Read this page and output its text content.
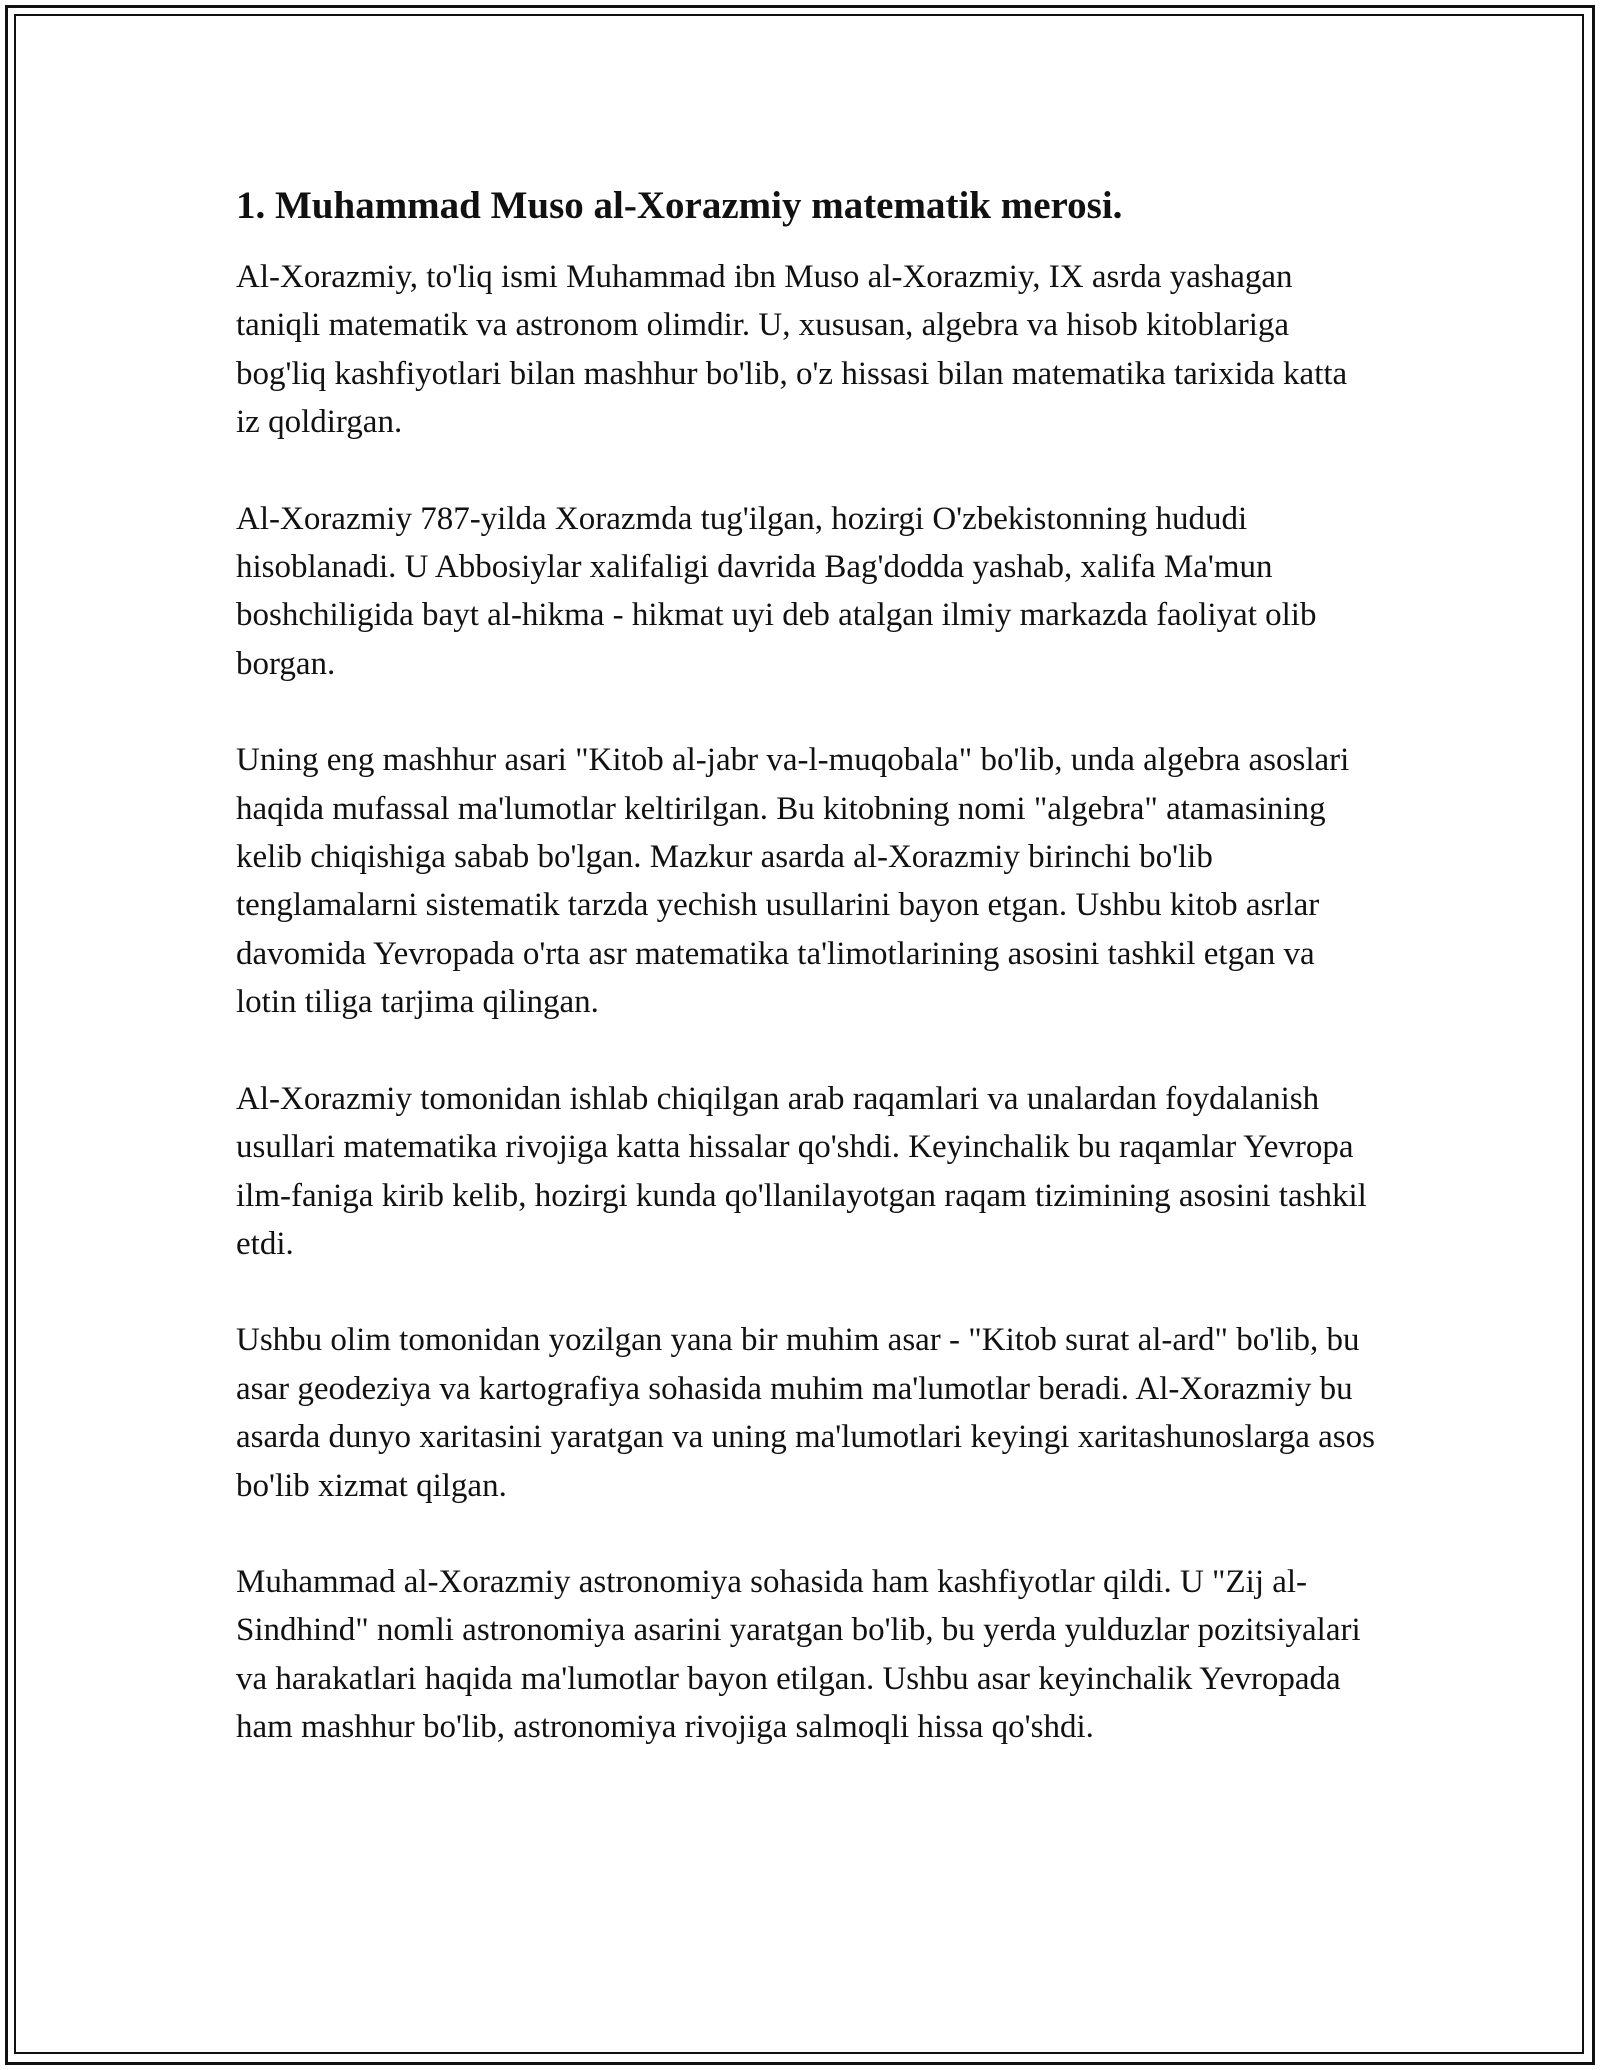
1. Muhammad Muso al-Xorazmiy matematik merosi.

Al-Xorazmiy, to'liq ismi Muhammad ibn Muso al-Xorazmiy, IX asrda yashagan taniqli matematik va astronom olimdir. U, xususan, algebra va hisob kitoblariga bog'liq kashfiyotlari bilan mashhur bo'lib, o'z hissasi bilan matematika tarixida katta iz qoldirgan.

Al-Xorazmiy 787-yilda Xorazmda tug'ilgan, hozirgi O'zbekistonning hududi hisoblanadi. U Abbosiylar xalifaligi davrida Bag'dodda yashab, xalifa Ma'mun boshchiligida bayt al-hikma - hikmat uyi deb atalgan ilmiy markazda faoliyat olib borgan.

Uning eng mashhur asari "Kitob al-jabr va-l-muqobala" bo'lib, unda algebra asoslari haqida mufassal ma'lumotlar keltirilgan. Bu kitobning nomi "algebra" atamasining kelib chiqishiga sabab bo'lgan. Mazkur asarda al-Xorazmiy birinchi bo'lib tenglamalarni sistematik tarzda yechish usullarini bayon etgan. Ushbu kitob asrlar davomida Yevropada o'rta asr matematika ta'limotlarining asosini tashkil etgan va lotin tiliga tarjima qilingan.

Al-Xorazmiy tomonidan ishlab chiqilgan arab raqamlari va unalardan foydalanish usullari matematika rivojiga katta hissalar qo'shdi. Keyinchalik bu raqamlar Yevropa ilm-faniga kirib kelib, hozirgi kunda qo'llanilayotgan raqam tizimining asosini tashkil etdi.

Ushbu olim tomonidan yozilgan yana bir muhim asar - "Kitob surat al-ard" bo'lib, bu asar geodeziya va kartografiya sohasida muhim ma'lumotlar beradi. Al-Xorazmiy bu asarda dunyo xaritasini yaratgan va uning ma'lumotlari keyingi xaritashunoslarga asos bo'lib xizmat qilgan.

Muhammad al-Xorazmiy astronomiya sohasida ham kashfiyotlar qildi. U "Zij al-Sindhind" nomli astronomiya asarini yaratgan bo'lib, bu yerda yulduzlar pozitsiyalari va harakatlari haqida ma'lumotlar bayon etilgan. Ushbu asar keyinchalik Yevropada ham mashhur bo'lib, astronomiya rivojiga salmoqli hissa qo'shdi.
